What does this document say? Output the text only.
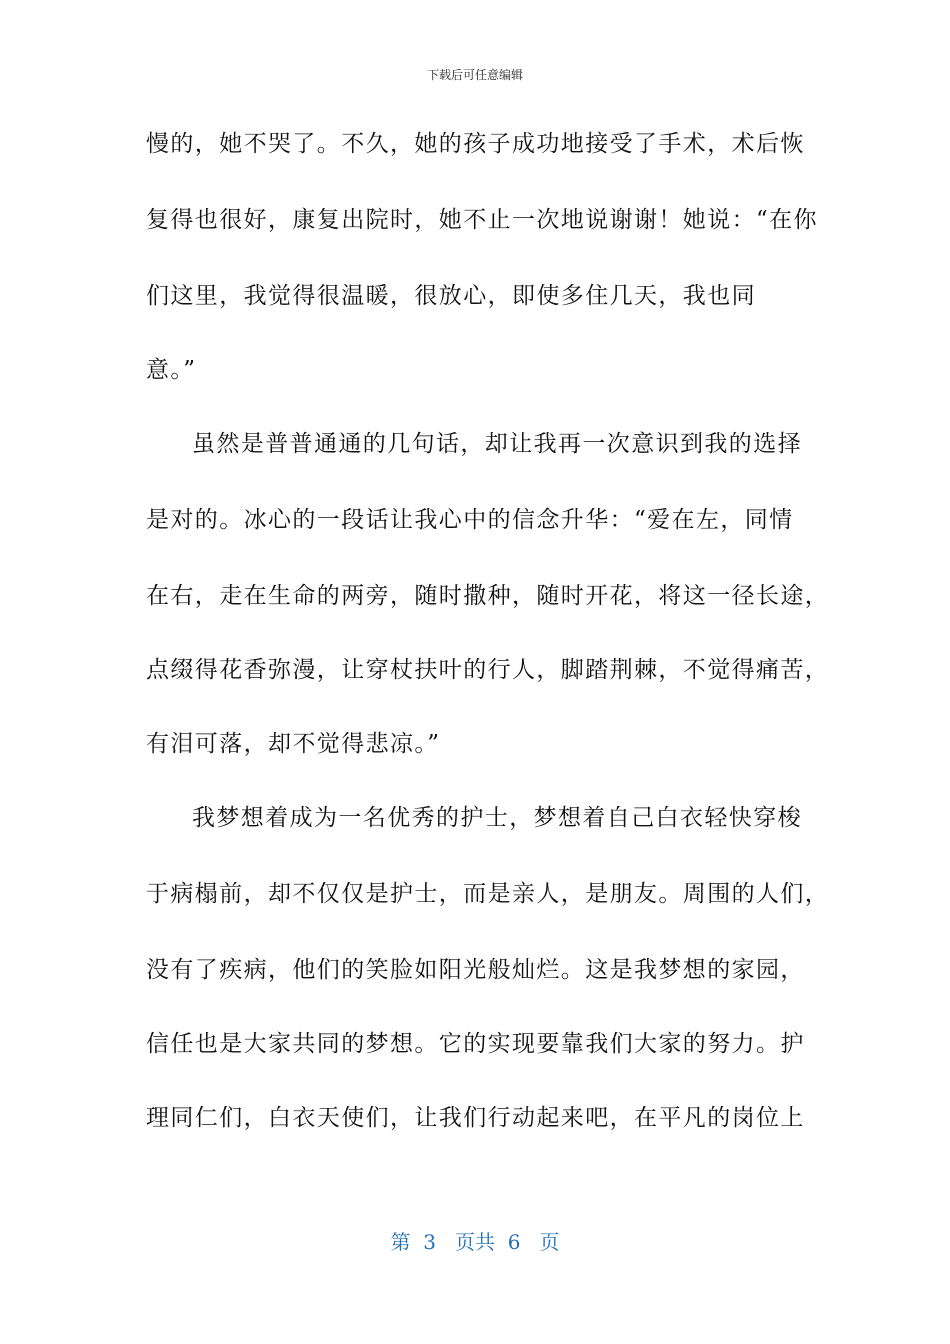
下载后可任意编辑
慢的，她不哭了。不久，她的孩子成功地接受了手术，术后恢
复得也很好，康复出院时，她不止一次地说谢谢！她说：“在你
们这里，我觉得很温暖，很放心，即使多住几天，我也同
意。”
虽然是普普通通的几句话，却让我再一次意识到我的选择
是对的。冰心的一段话让我心中的信念升华：“爱在左，同情
在右，走在生命的两旁，随时撒种，随时开花，将这一径长途，
点缀得花香弥漫，让穿杖扶叶的行人，脚踏荆棘，不觉得痛苦，
有泪可落，却不觉得悲凉。”
我梦想着成为一名优秀的护士，梦想着自己白衣轻快穿梭
于病榻前，却不仅仅是护士，而是亲人，是朋友。周围的人们，
没有了疾病，他们的笑脸如阳光般灿烂。这是我梦想的家园，
信任也是大家共同的梦想。它的实现要靠我们大家的努力。护
理同仁们，白衣天使们，让我们行动起来吧，在平凡的岗位上
第  3   页共  6   页
